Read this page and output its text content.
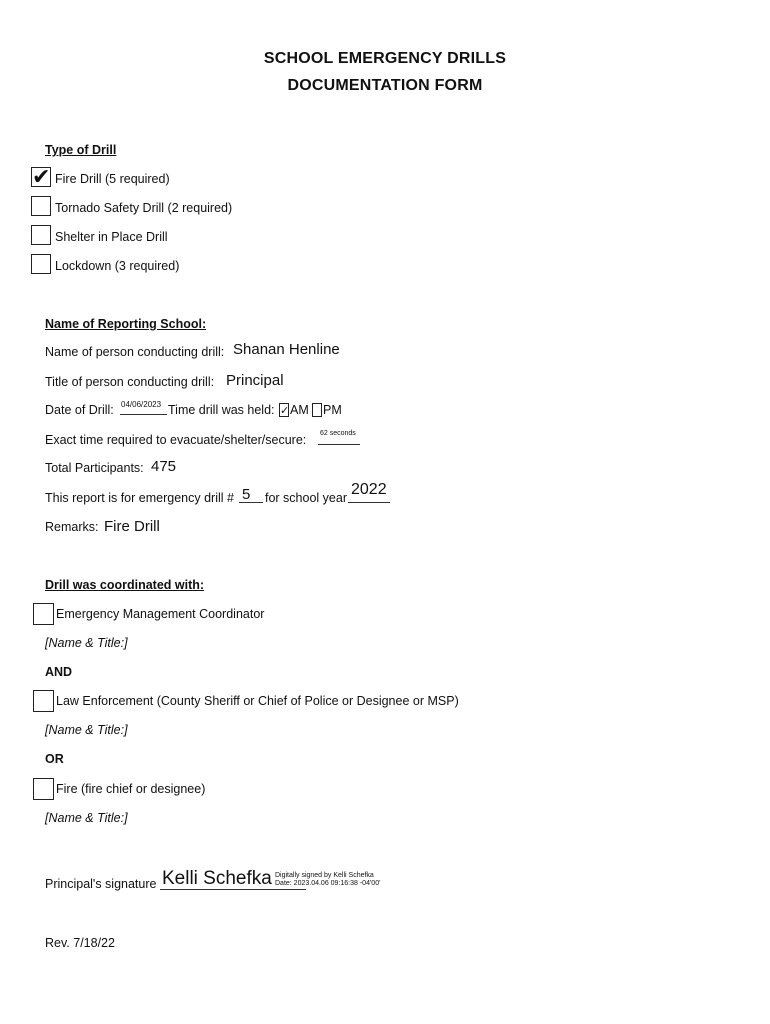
SCHOOL EMERGENCY DRILLS
DOCUMENTATION FORM
Type of Drill
✔ Fire Drill (5 required)
Tornado Safety Drill (2 required)
Shelter in Place Drill
Lockdown (3 required)
Name of Reporting School:
Name of person conducting drill: Shanan Henline
Title of person conducting drill: Principal
Date of Drill: 04/06/2023 Time drill was held: ✓ AM PM
Exact time required to evacuate/shelter/secure: 62 seconds
Total Participants: 475
This report is for emergency drill # 5 for school year 2022
Remarks: Fire Drill
Drill was coordinated with:
Emergency Management Coordinator
[Name & Title:]
AND
Law Enforcement (County Sheriff or Chief of Police or Designee or MSP)
[Name & Title:]
OR
Fire (fire chief or designee)
[Name & Title:]
Principal's signature Kelli Schefka Digitally signed by Kelli Schefka
Date: 2023.04.06 09:16:38 -04'00'
Rev. 7/18/22
